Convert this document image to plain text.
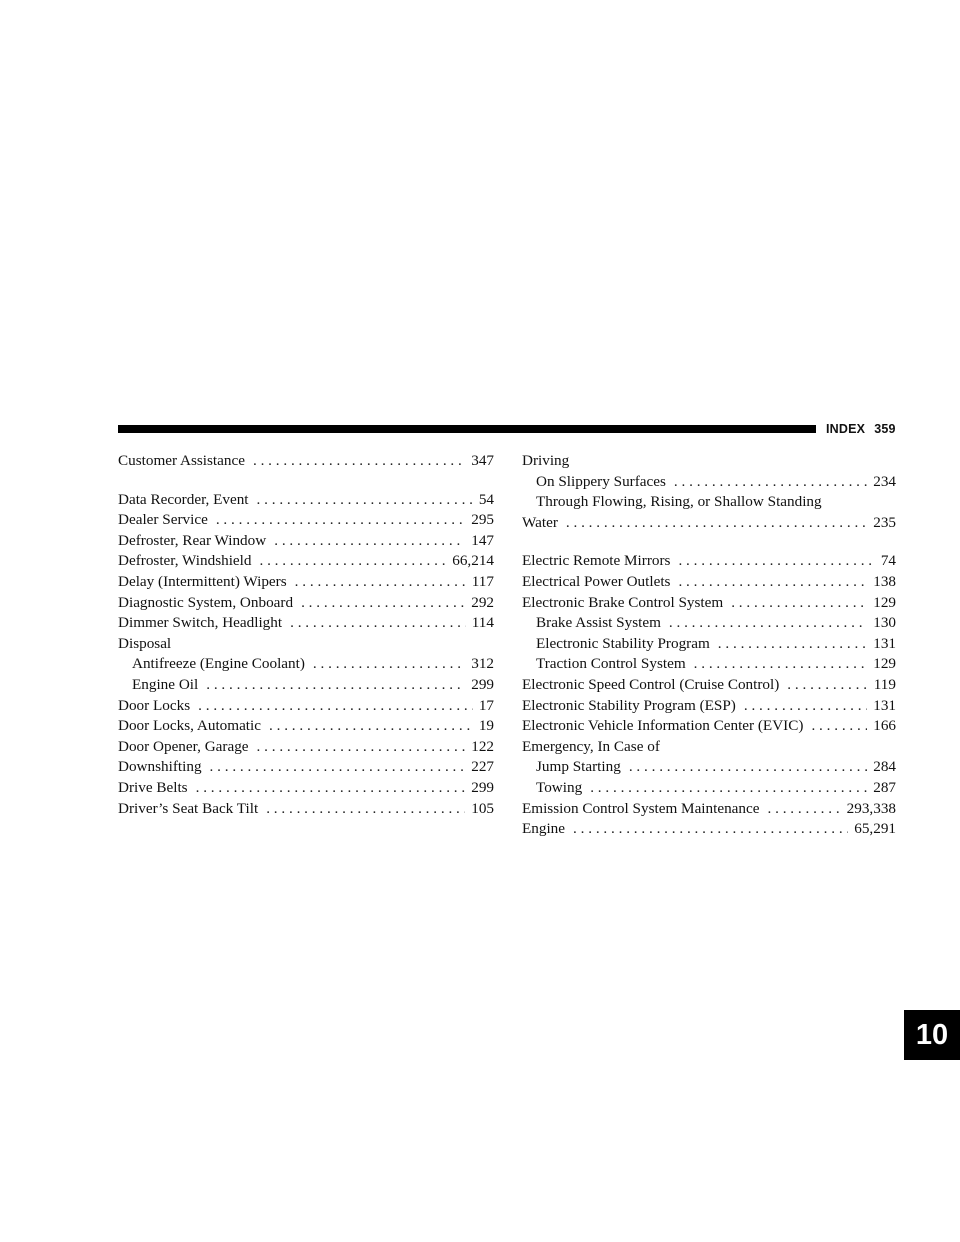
INDEX 359
Customer Assistance . . .	347
Data Recorder, Event . . .	54
Dealer Service . . .	295
Defroster, Rear Window . . .	147
Defroster, Windshield . . .	66,214
Delay (Intermittent) Wipers . . .	117
Diagnostic System, Onboard . . .	292
Dimmer Switch, Headlight . . .	114
Disposal
Antifreeze (Engine Coolant) . . .	312
Engine Oil . . .	299
Door Locks . . .	17
Door Locks, Automatic . . .	19
Door Opener, Garage . . .	122
Downshifting . . .	227
Drive Belts . . .	299
Driver’s Seat Back Tilt . . .	105
Driving
On Slippery Surfaces . . .	234
Through Flowing, Rising, or Shallow Standing
Water . . .	235
Electric Remote Mirrors . . .	74
Electrical Power Outlets . . .	138
Electronic Brake Control System . . .	129
Brake Assist System . . .	130
Electronic Stability Program . . .	131
Traction Control System . . .	129
Electronic Speed Control (Cruise Control) . . .	119
Electronic Stability Program (ESP) . . .	131
Electronic Vehicle Information Center (EVIC) . . .	166
Emergency, In Case of
Jump Starting . . .	284
Towing . . .	287
Emission Control System Maintenance . . .	293,338
Engine . . .	65,291
10
